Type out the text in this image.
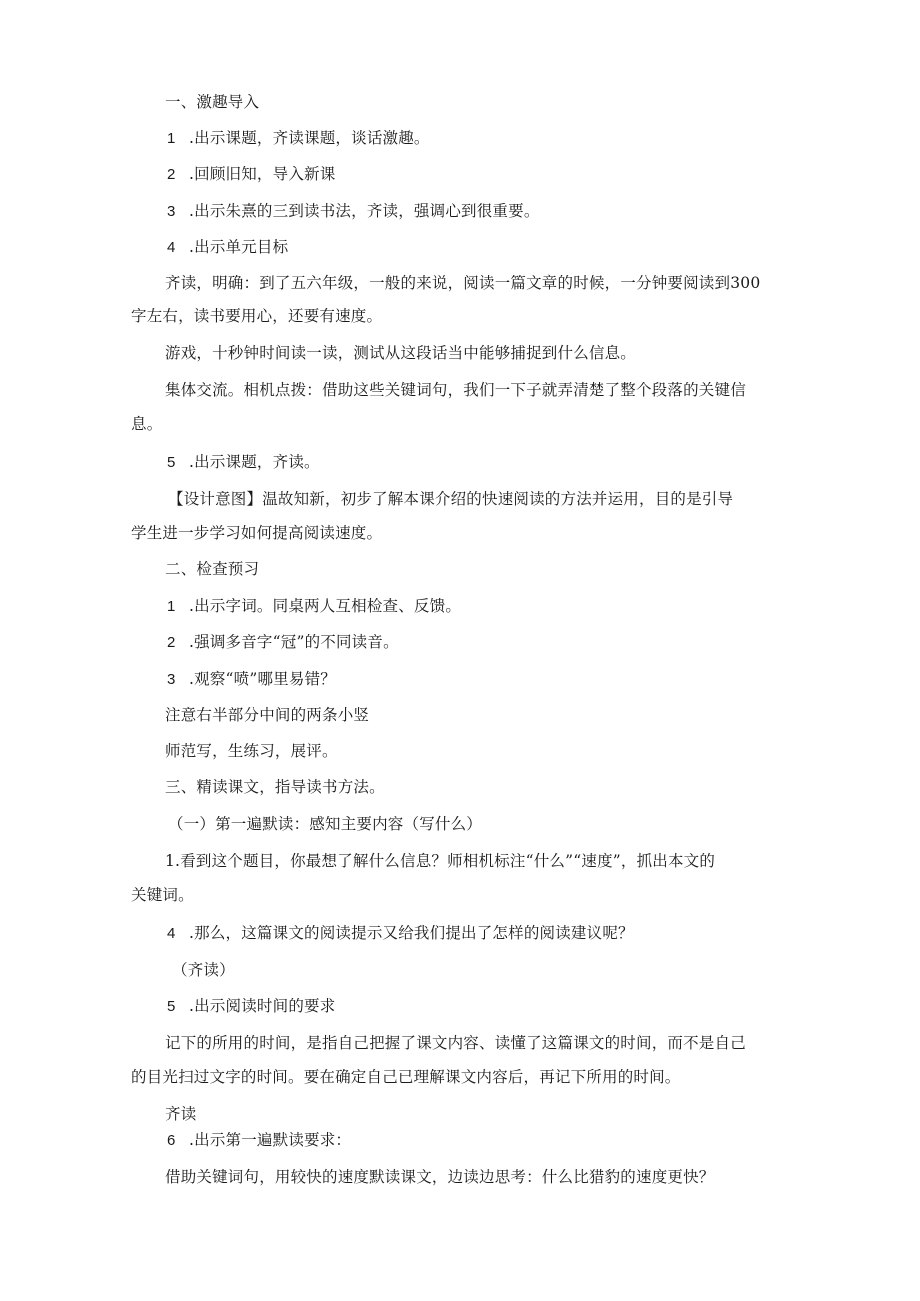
一、激趣导入
1 .出示课题，齐读课题，谈话激趣。
2 .回顾旧知，导入新课
3 .出示朱熹的三到读书法，齐读，强调心到很重要。
4 .出示单元目标
齐读，明确：到了五六年级，一般的来说，阅读一篇文章的时候，一分钟要阅读到300
字左右，读书要用心，还要有速度。
游戏，十秒钟时间读一读，测试从这段话当中能够捕捉到什么信息。
集体交流。相机点拨：借助这些关键词句，我们一下子就弄清楚了整个段落的关键信
息。
5 .出示课题，齐读。
【设计意图】温故知新，初步了解本课介绍的快速阅读的方法并运用，目的是引导
学生进一步学习如何提高阅读速度。
二、检查预习
1 .出示字词。同桌两人互相检查、反馈。
2 .强调多音字“冠”的不同读音。
3 .观察“喷”哪里易错？
注意右半部分中间的两条小竖
师范写，生练习，展评。
三、精读课文，指导读书方法。
（一）第一遍默读：感知主要内容（写什么）
1.看到这个题目，你最想了解什么信息？师相机标注“什么”“速度”，抓出本文的
关键词。
4 .那么，这篇课文的阅读提示又给我们提出了怎样的阅读建议呢？
（齐读）
5 .出示阅读时间的要求
记下的所用的时间，是指自己把握了课文内容、读懂了这篇课文的时间，而不是自己
的目光扫过文字的时间。要在确定自己已理解课文内容后，再记下所用的时间。
齐读
6 .出示第一遍默读要求：
借助关键词句，用较快的速度默读课文，边读边思考：什么比猎豹的速度更快？
